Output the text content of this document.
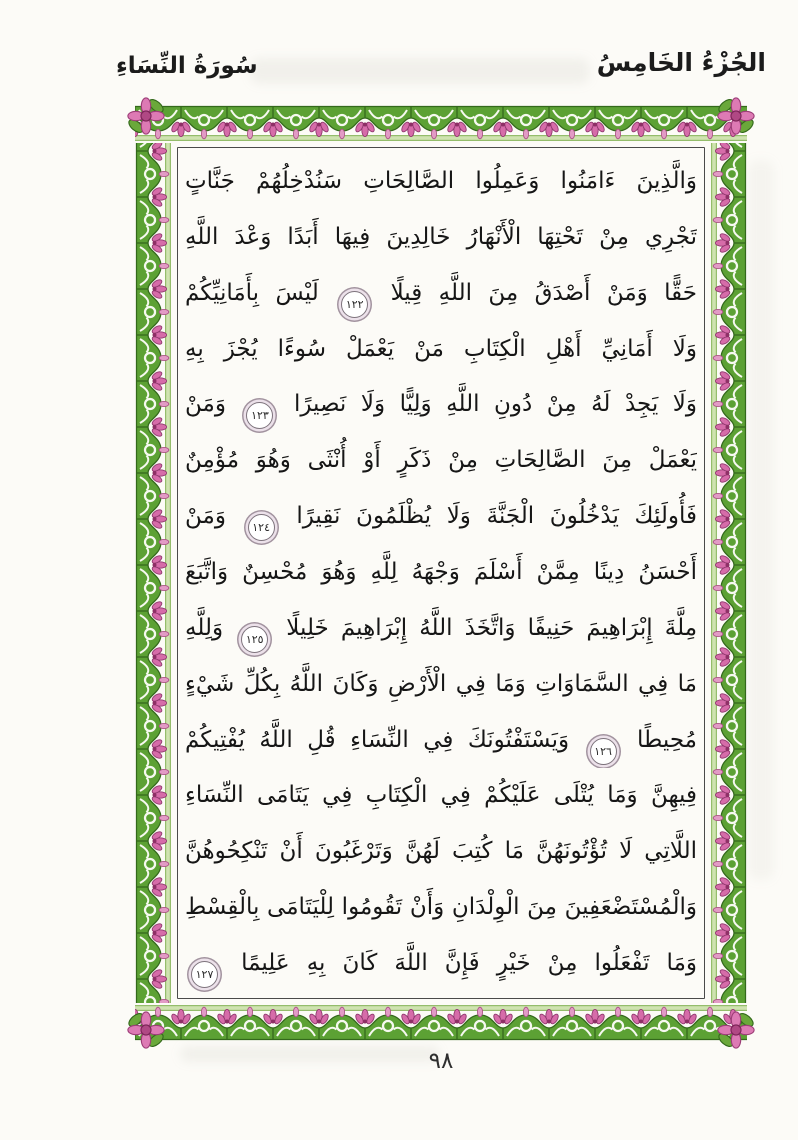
الجُزْءُ الخَامِسُ
سُورَةُ النِّسَاءِ
وَالَّذِينَ ءَامَنُوا وَعَمِلُوا الصَّالِحَاتِ سَنُدْخِلُهُمْ جَنَّاتٍ
تَجْرِي مِنْ تَحْتِهَا الْأَنْهَارُ خَالِدِينَ فِيهَا أَبَدًا وَعْدَ اللَّهِ
حَقًّا وَمَنْ أَصْدَقُ مِنَ اللَّهِ قِيلًا ١٢٢ لَيْسَ بِأَمَانِيِّكُمْ
وَلَا أَمَانِيِّ أَهْلِ الْكِتَابِ مَنْ يَعْمَلْ سُوءًا يُجْزَ بِهِ
وَلَا يَجِدْ لَهُ مِنْ دُونِ اللَّهِ وَلِيًّا وَلَا نَصِيرًا ١٢٣ وَمَنْ
يَعْمَلْ مِنَ الصَّالِحَاتِ مِنْ ذَكَرٍ أَوْ أُنْثَى وَهُوَ مُؤْمِنٌ
فَأُولَئِكَ يَدْخُلُونَ الْجَنَّةَ وَلَا يُظْلَمُونَ نَقِيرًا ١٢٤ وَمَنْ
أَحْسَنُ دِينًا مِمَّنْ أَسْلَمَ وَجْهَهُ لِلَّهِ وَهُوَ مُحْسِنٌ وَاتَّبَعَ
مِلَّةَ إِبْرَاهِيمَ حَنِيفًا وَاتَّخَذَ اللَّهُ إِبْرَاهِيمَ خَلِيلًا ١٢٥ وَلِلَّهِ
مَا فِي السَّمَاوَاتِ وَمَا فِي الْأَرْضِ وَكَانَ اللَّهُ بِكُلِّ شَيْءٍ
مُحِيطًا ١٢٦ وَيَسْتَفْتُونَكَ فِي النِّسَاءِ قُلِ اللَّهُ يُفْتِيكُمْ
فِيهِنَّ وَمَا يُتْلَى عَلَيْكُمْ فِي الْكِتَابِ فِي يَتَامَى النِّسَاءِ
اللَّاتِي لَا تُؤْتُونَهُنَّ مَا كُتِبَ لَهُنَّ وَتَرْغَبُونَ أَنْ تَنْكِحُوهُنَّ
وَالْمُسْتَضْعَفِينَ مِنَ الْوِلْدَانِ وَأَنْ تَقُومُوا لِلْيَتَامَى بِالْقِسْطِ
وَمَا تَفْعَلُوا مِنْ خَيْرٍ فَإِنَّ اللَّهَ كَانَ بِهِ عَلِيمًا ١٢٧
٩٨
